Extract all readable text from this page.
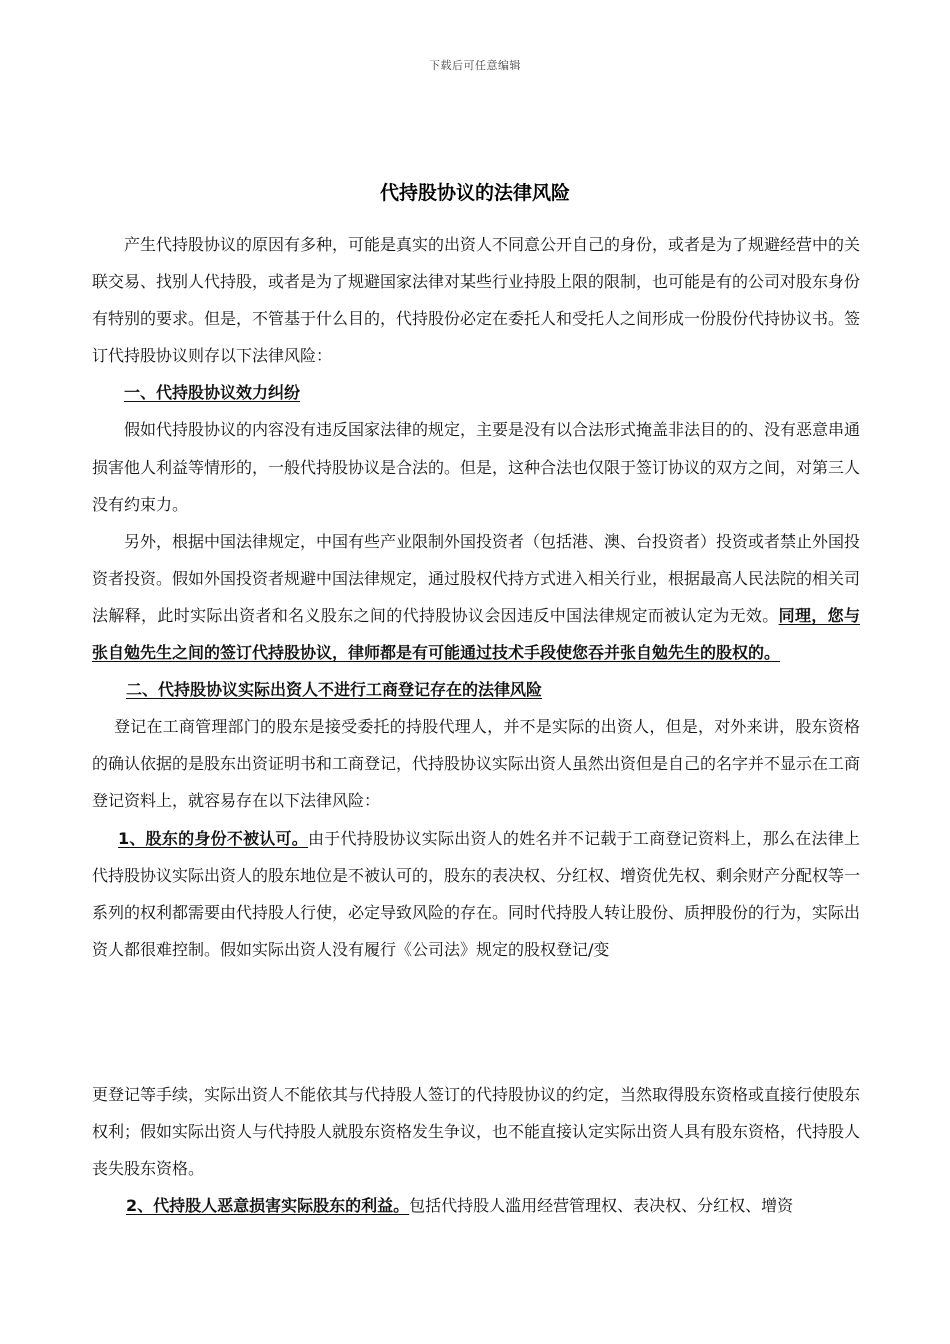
下载后可任意编辑
代持股协议的法律风险

产生代持股协议的原因有多种，可能是真实的出资人不同意公开自己的身份，或者是为了规避经营中的关联交易、找别人代持股，或者是为了规避国家法律对某些行业持股上限的限制，也可能是有的公司对股东身份有特别的要求。但是，不管基于什么目的，代持股份必定在委托人和受托人之间形成一份股份代持协议书。签订代持股协议则存以下法律风险：

一、代持股协议效力纠纷

假如代持股协议的内容没有违反国家法律的规定，主要是没有以合法形式掩盖非法目的的、没有恶意串通损害他人利益等情形的，一般代持股协议是合法的。但是，这种合法也仅限于签订协议的双方之间，对第三人没有约束力。

另外，根据中国法律规定，中国有些产业限制外国投资者（包括港、澳、台投资者）投资或者禁止外国投资者投资。假如外国投资者规避中国法律规定，通过股权代持方式进入相关行业，根据最高人民法院的相关司法解释，此时实际出资者和名义股东之间的代持股协议会因违反中国法律规定而被认定为无效。同理，您与张自勉先生之间的签订代持股协议，律师都是有可能通过技术手段使您吞并张自勉先生的股权的。

二、代持股协议实际出资人不进行工商登记存在的法律风险

登记在工商管理部门的股东是接受委托的持股代理人，并不是实际的出资人，但是，对外来讲，股东资格的确认依据的是股东出资证明书和工商登记，代持股协议实际出资人虽然出资但是自己的名字并不显示在工商登记资料上，就容易存在以下法律风险：

1、股东的身份不被认可。由于代持股协议实际出资人的姓名并不记载于工商登记资料上，那么在法律上代持股协议实际出资人的股东地位是不被认可的，股东的表决权、分红权、增资优先权、剩余财产分配权等一系列的权利都需要由代持股人行使，必定导致风险的存在。同时代持股人转让股份、质押股份的行为，实际出资人都很难控制。假如实际出资人没有履行《公司法》规定的股权登记/变

更登记等手续，实际出资人不能依其与代持股人签订的代持股协议的约定，当然取得股东资格或直接行使股东权利；假如实际出资人与代持股人就股东资格发生争议，也不能直接认定实际出资人具有股东资格，代持股人丧失股东资格。

2、代持股人恶意损害实际股东的利益。包括代持股人滥用经营管理权、表决权、分红权、增资
